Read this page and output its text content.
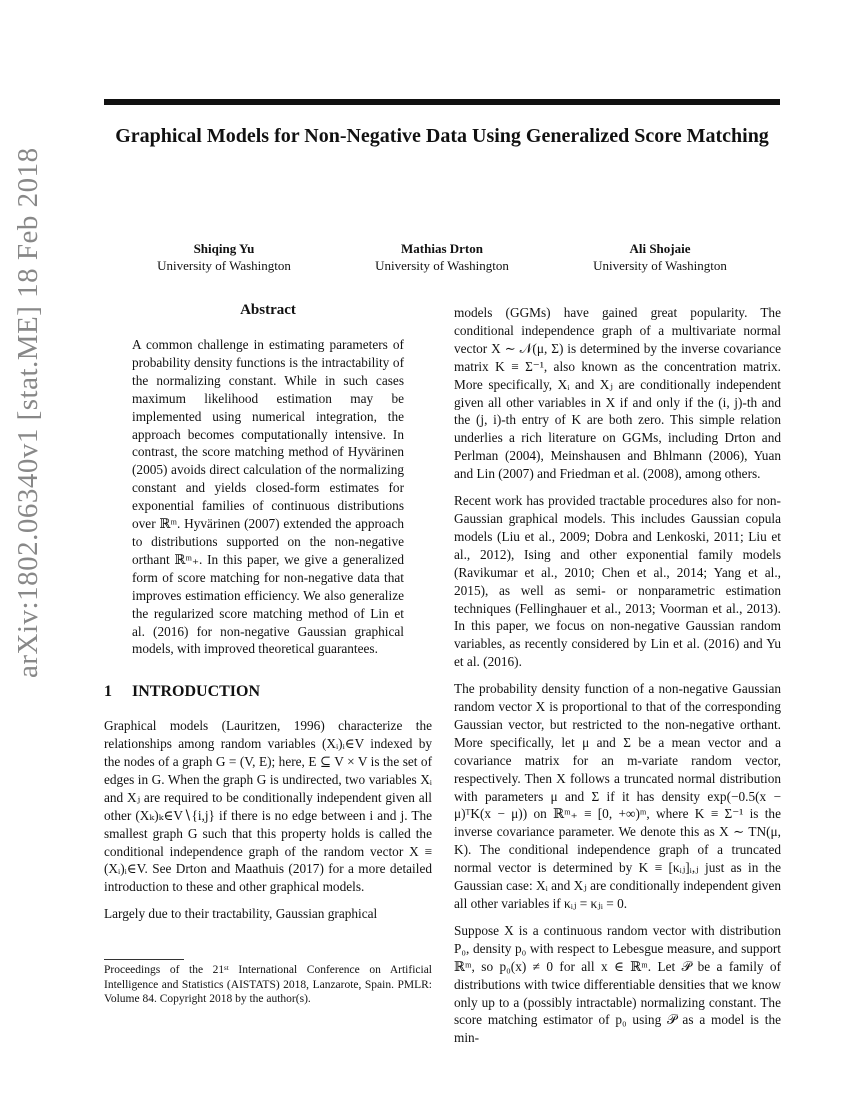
arXiv:1802.06340v1 [stat.ME] 18 Feb 2018
Graphical Models for Non-Negative Data Using Generalized Score Matching
Shiqing Yu
University of Washington
Mathias Drton
University of Washington
Ali Shojaie
University of Washington
Abstract

A common challenge in estimating parameters of probability density functions is the intractability of the normalizing constant. While in such cases maximum likelihood estimation may be implemented using numerical integration, the approach becomes computationally intensive. In contrast, the score matching method of Hyvärinen (2005) avoids direct calculation of the normalizing constant and yields closed-form estimates for exponential families of continuous distributions over ℝᵐ. Hyvärinen (2007) extended the approach to distributions supported on the non-negative orthant ℝᵐ₊. In this paper, we give a generalized form of score matching for non-negative data that improves estimation efficiency. We also generalize the regularized score matching method of Lin et al. (2016) for non-negative Gaussian graphical models, with improved theoretical guarantees.

1 INTRODUCTION

Graphical models (Lauritzen, 1996) characterize the relationships among random variables (Xᵢ)ᵢ∈V indexed by the nodes of a graph G = (V, E); here, E ⊆ V × V is the set of edges in G. When the graph G is undirected, two variables Xᵢ and Xⱼ are required to be conditionally independent given all other (Xₖ)ₖ∈V∖{i,j} if there is no edge between i and j. The smallest graph G such that this property holds is called the conditional independence graph of the random vector X ≡ (Xᵢ)ᵢ∈V. See Drton and Maathuis (2017) for a more detailed introduction to these and other graphical models.

Largely due to their tractability, Gaussian graphical

models (GGMs) have gained great popularity. The conditional independence graph of a multivariate normal vector X ∼ 𝒩(μ, Σ) is determined by the inverse covariance matrix K ≡ Σ⁻¹, also known as the concentration matrix. More specifically, Xᵢ and Xⱼ are conditionally independent given all other variables in X if and only if the (i, j)-th and the (j, i)-th entry of K are both zero. This simple relation underlies a rich literature on GGMs, including Drton and Perlman (2004), Meinshausen and Bhlmann (2006), Yuan and Lin (2007) and Friedman et al. (2008), among others.

Recent work has provided tractable procedures also for non-Gaussian graphical models. This includes Gaussian copula models (Liu et al., 2009; Dobra and Lenkoski, 2011; Liu et al., 2012), Ising and other exponential family models (Ravikumar et al., 2010; Chen et al., 2014; Yang et al., 2015), as well as semi- or nonparametric estimation techniques (Fellinghauer et al., 2013; Voorman et al., 2013). In this paper, we focus on non-negative Gaussian random variables, as recently considered by Lin et al. (2016) and Yu et al. (2016).

The probability density function of a non-negative Gaussian random vector X is proportional to that of the corresponding Gaussian vector, but restricted to the non-negative orthant. More specifically, let μ and Σ be a mean vector and a covariance matrix for an m-variate random vector, respectively. Then X follows a truncated normal distribution with parameters μ and Σ if it has density exp(−0.5(x − μ)ᵀK(x − μ)) on ℝᵐ₊ ≡ [0, +∞)ᵐ, where K ≡ Σ⁻¹ is the inverse covariance parameter. We denote this as X ∼ TN(μ, K). The conditional independence graph of a truncated normal vector is determined by K ≡ [κᵢⱼ]ᵢ,ⱼ just as in the Gaussian case: Xᵢ and Xⱼ are conditionally independent given all other variables if κᵢⱼ = κⱼᵢ = 0.

Suppose X is a continuous random vector with distribution P₀, density p₀ with respect to Lebesgue measure, and support ℝᵐ, so p₀(x) ≠ 0 for all x ∈ ℝᵐ. Let 𝒫 be a family of distributions with twice differentiable densities that we know only up to a (possibly intractable) normalizing constant. The score matching estimator of p₀ using 𝒫 as a model is the min-

Proceedings of the 21ˢᵗ International Conference on Artificial Intelligence and Statistics (AISTATS) 2018, Lanzarote, Spain. PMLR: Volume 84. Copyright 2018 by the author(s).
